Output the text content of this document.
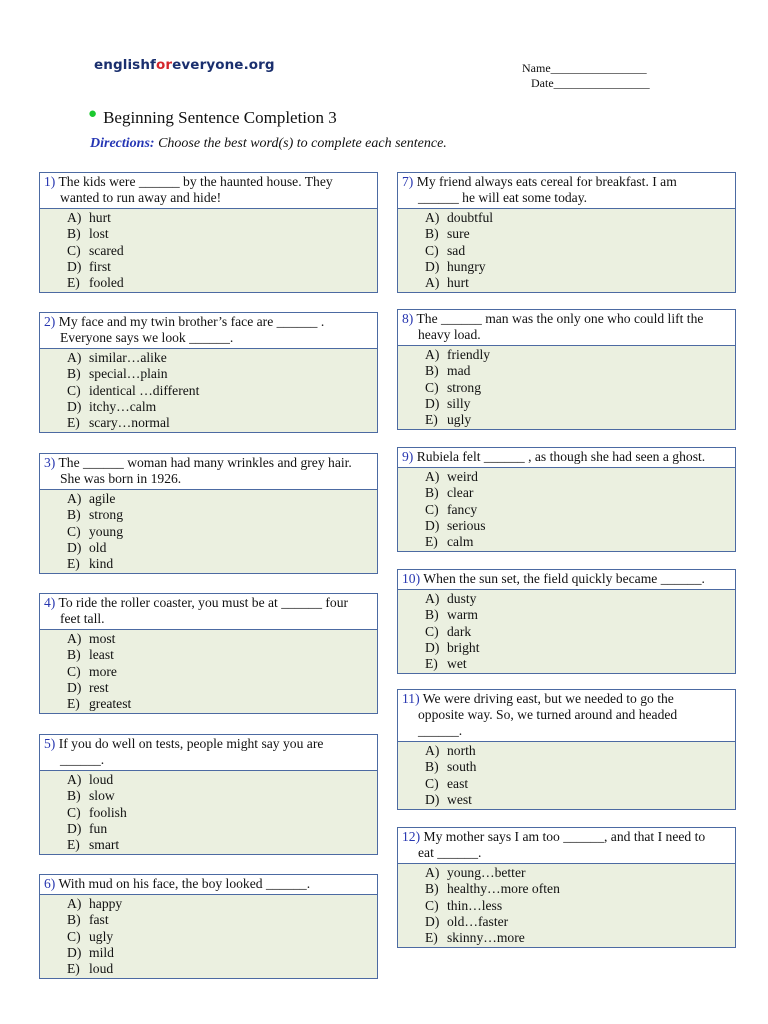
englishforeveryone.org	Name________________
Date________________
● Beginning Sentence Completion 3
Directions: Choose the best word(s) to complete each sentence.
1) The kids were ______ by the haunted house. They
wanted to run away and hide!
A) hurt
B) lost
C) scared
D) first
E) fooled
2) My face and my twin brother’s face are ______ .
Everyone says we look ______.
A) similar…alike
B) special…plain
C) identical …different
D) itchy…calm
E) scary…normal
3) The ______ woman had many wrinkles and grey hair.
She was born in 1926.
A) agile
B) strong
C) young
D) old
E) kind
4) To ride the roller coaster, you must be at ______ four
feet tall.
A) most
B) least
C) more
D) rest
E) greatest
5) If you do well on tests, people might say you are
______.
A) loud
B) slow
C) foolish
D) fun
E) smart
6) With mud on his face, the boy looked ______.
A) happy
B) fast
C) ugly
D) mild
E) loud
7) My friend always eats cereal for breakfast. I am
______ he will eat some today.
A) doubtful
B) sure
C) sad
D) hungry
A) hurt
8) The ______ man was the only one who could lift the
heavy load.
A) friendly
B) mad
C) strong
D) silly
E) ugly
9) Rubiela felt ______ , as though she had seen a ghost.
A) weird
B) clear
C) fancy
D) serious
E) calm
10) When the sun set, the field quickly became ______.
A) dusty
B) warm
C) dark
D) bright
E) wet
11) We were driving east, but we needed to go the
opposite way. So, we turned around and headed
______.
A) north
B) south
C) east
D) west
12) My mother says I am too ______, and that I need to
eat ______.
A) young…better
B) healthy…more often
C) thin…less
D) old…faster
E) skinny…more
